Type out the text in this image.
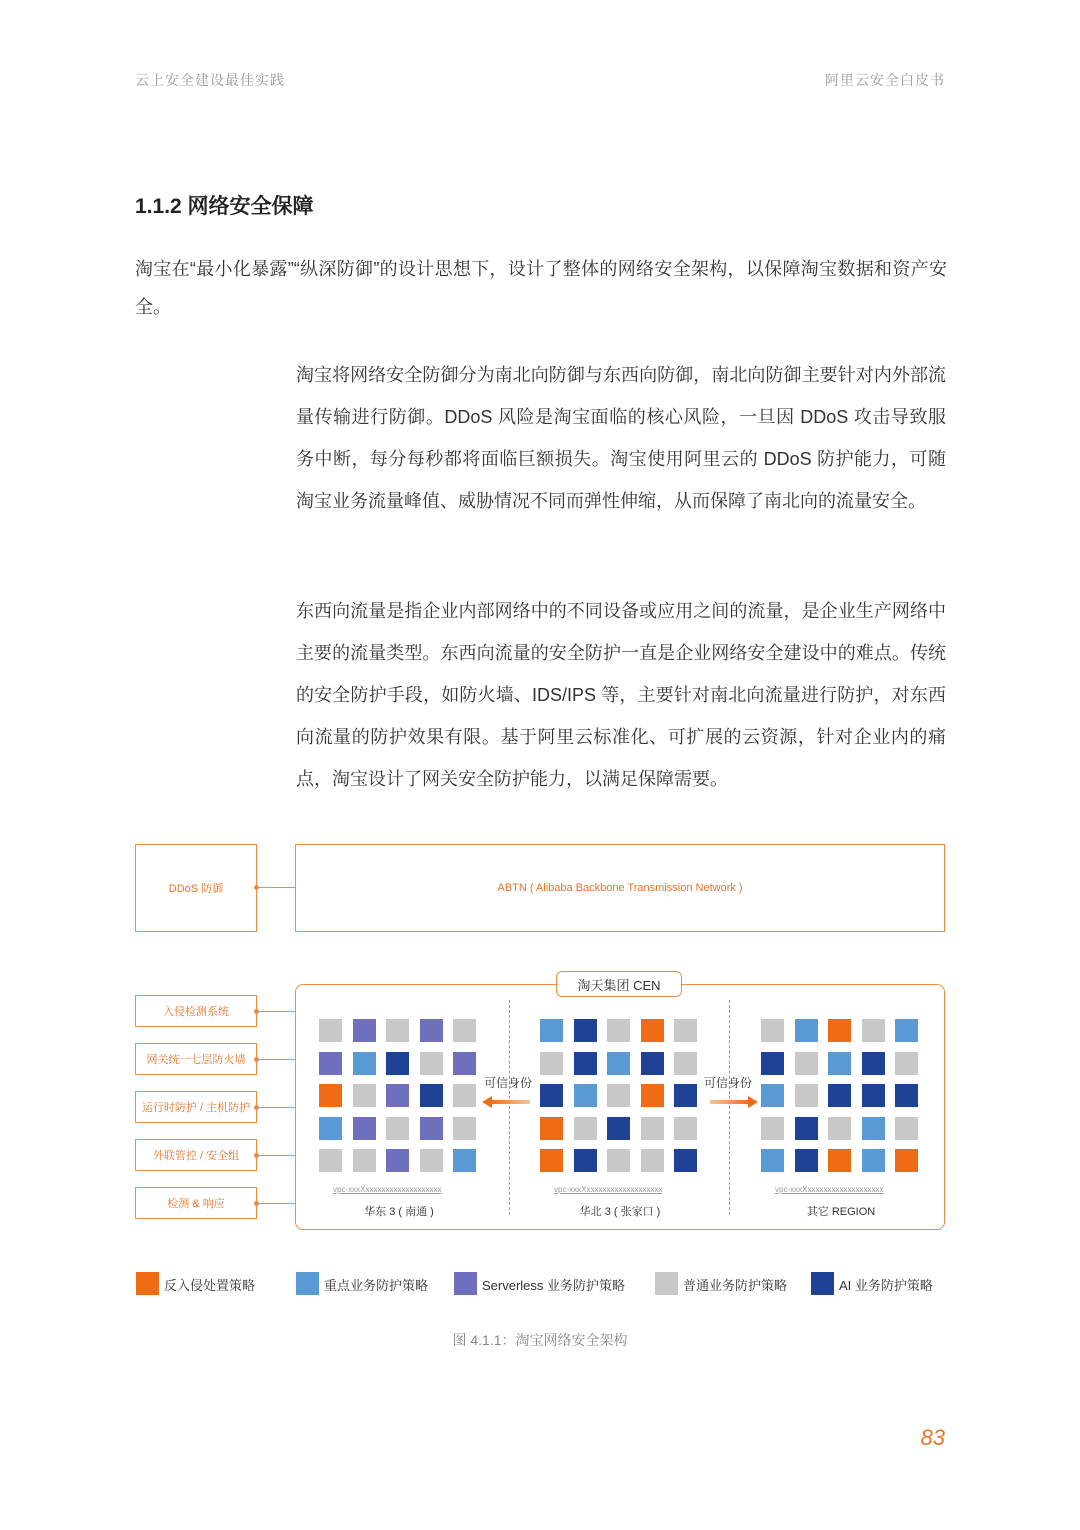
云上安全建设最佳实践	阿里云安全白皮书
1.1.2 网络安全保障
淘宝在“最小化暴露”“纵深防御”的设计思想下，设计了整体的网络安全架构，以保障淘宝数据和资产安全。
淘宝将网络安全防御分为南北向防御与东西向防御，南北向防御主要针对内外部流量传输进行防御。DDoS 风险是淘宝面临的核心风险，一旦因 DDoS 攻击导致服务中断，每分每秒都将面临巨额损失。淘宝使用阿里云的 DDoS 防护能力，可随淘宝业务流量峰值、威胁情况不同而弹性伸缩，从而保障了南北向的流量安全。
东西向流量是指企业内部网络中的不同设备或应用之间的流量，是企业生产网络中主要的流量类型。东西向流量的安全防护一直是企业网络安全建设中的难点。传统的安全防护手段，如防火墙、IDS/IPS 等，主要针对南北向流量进行防护，对东西向流量的防护效果有限。基于阿里云标准化、可扩展的云资源，针对企业内的痛点，淘宝设计了网关安全防护能力，以满足保障需要。
DDoS 防御	ABTN ( Alibaba Backbone Transmission Network )
入侵检测系统
网关统一七层防火墙
运行时防护 / 主机防护
外联管控 / 安全组
检测 & 响应
淘天集团 CEN
可信身份	可信身份
vpc-xxxXxxxxxxxxxxxxxxxxxxx
华东 3 ( 南通 )
vpc-xxxXxxxxxxxxxxxxxxxxxxx
华北 3 ( 张家口 )
vpc-xxxXxxxxxxxxxxxxxxxxxxx
其它 REGION
反入侵处置策略	重点业务防护策略	Serverless 业务防护策略	普通业务防护策略	AI 业务防护策略
图 4.1.1：淘宝网络安全架构
83
